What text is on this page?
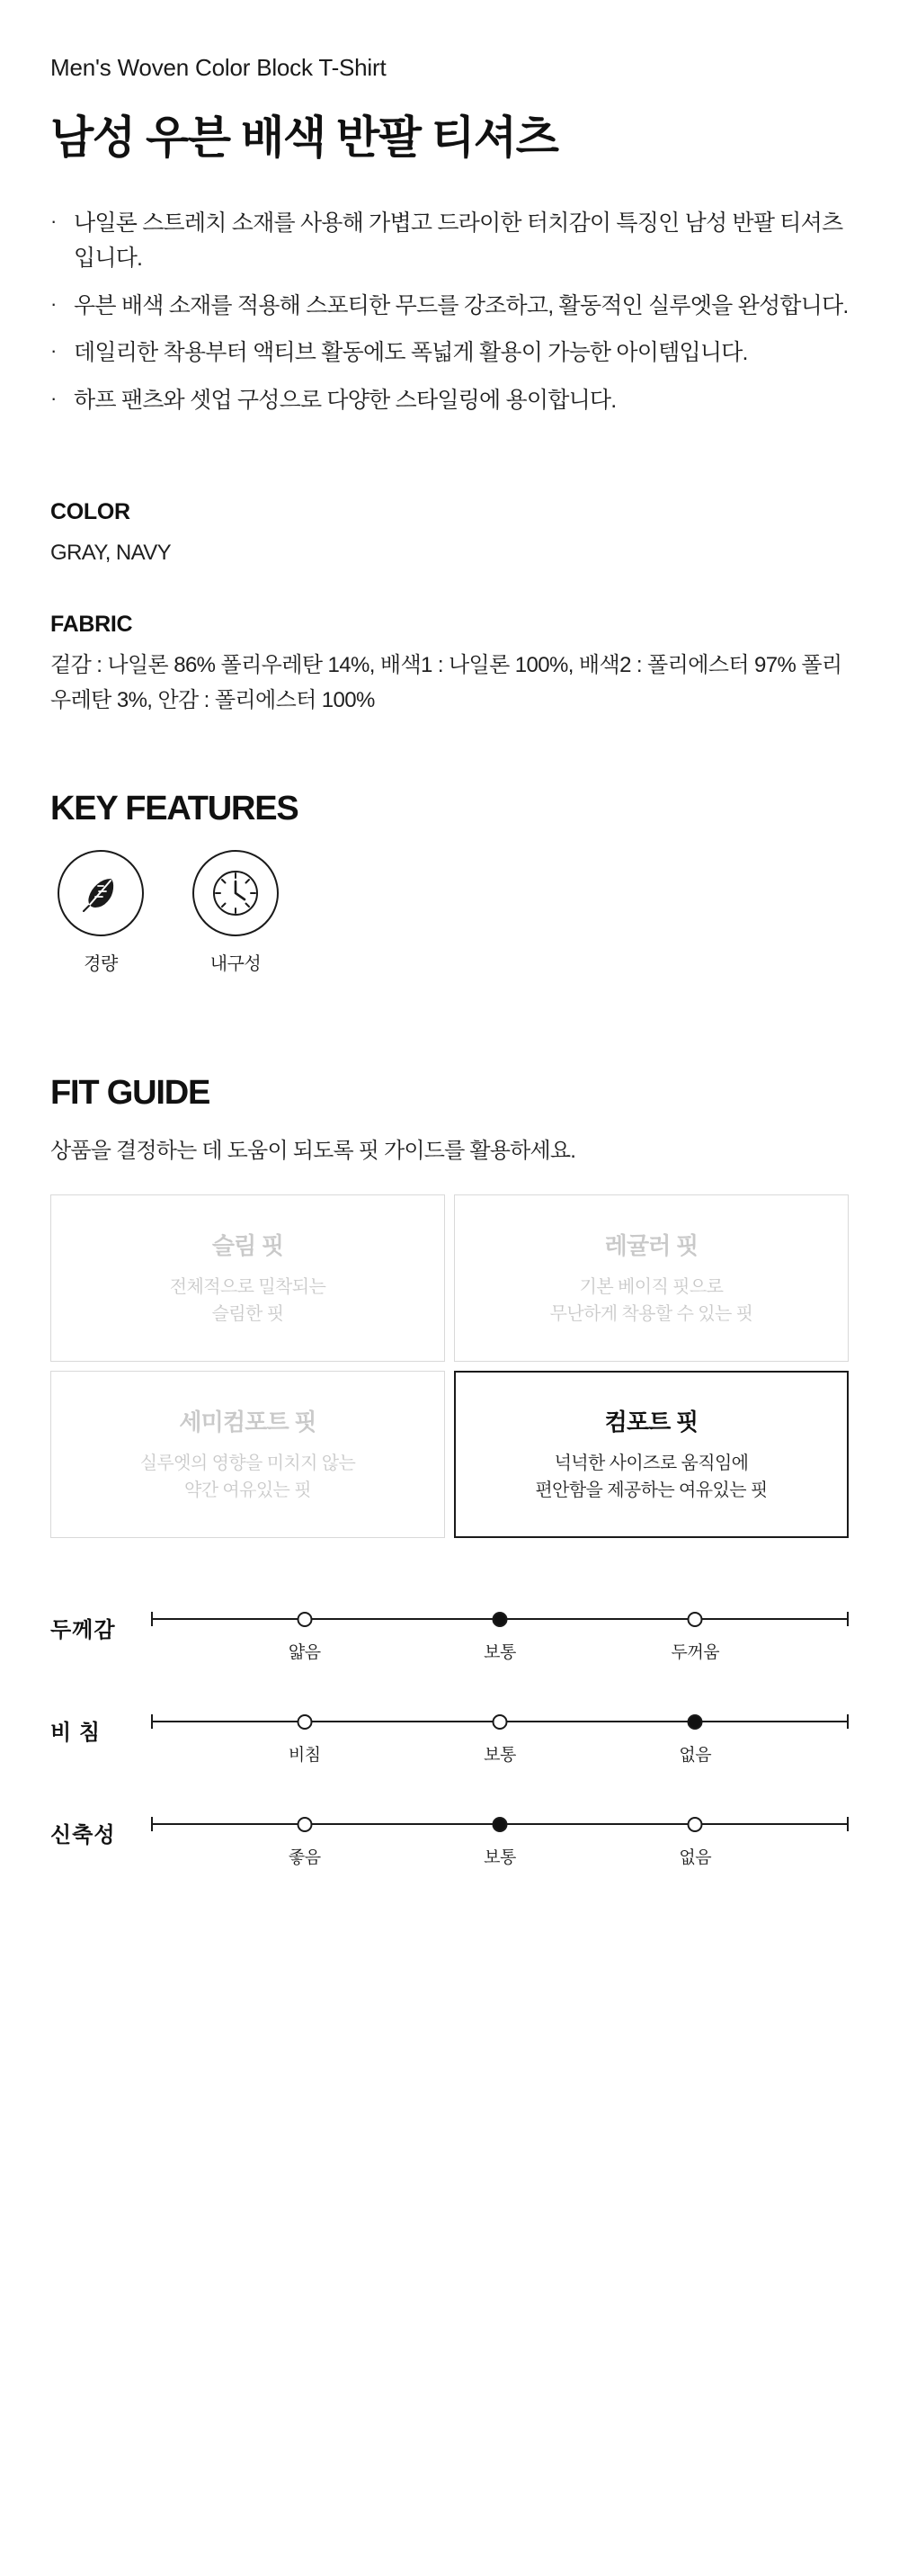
Men's Woven Color Block T-Shirt
남성 우븐 배색 반팔 티셔츠
· 나일론 스트레치 소재를 사용해 가볍고 드라이한 터치감이 특징인 남성 반팔 티셔츠입니다.
· 우븐 배색 소재를 적용해 스포티한 무드를 강조하고, 활동적인 실루엣을 완성합니다.
· 데일리한 착용부터 액티브 활동에도 폭넓게 활용이 가능한 아이템입니다.
· 하프 팬츠와 셋업 구성으로 다양한 스타일링에 용이합니다.
COLOR
GRAY, NAVY
FABRIC
겉감 : 나일론 86% 폴리우레탄 14%, 배색1 : 나일론 100%, 배색2 : 폴리에스터 97% 폴리우레탄 3%, 안감 : 폴리에스터 100%
KEY FEATURES
경량	내구성
FIT GUIDE
상품을 결정하는 데 도움이 되도록 핏 가이드를 활용하세요.
슬림 핏
전체적으로 밀착되는
슬림한 핏
레귤러 핏
기본 베이직 핏으로
무난하게 착용할 수 있는 핏
세미컴포트 핏
실루엣의 영향을 미치지 않는
약간 여유있는 핏
컴포트 핏
넉넉한 사이즈로 움직임에
편안함을 제공하는 여유있는 핏
두께감
얇음	보통	두꺼움
비 침
비침	보통	없음
신축성
좋음	보통	없음
